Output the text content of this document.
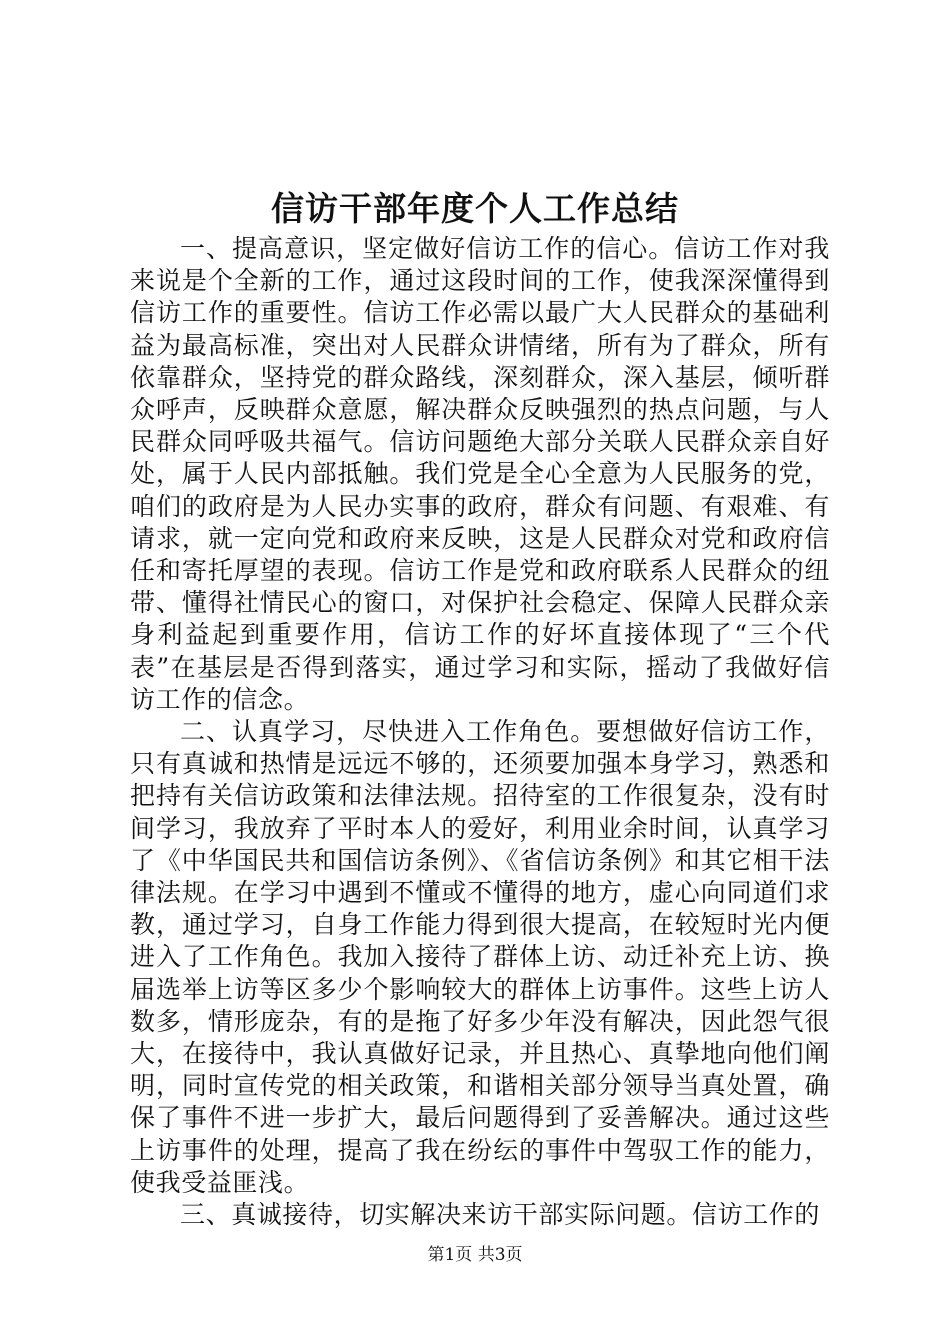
信访干部年度个人工作总结

一、提高意识，坚定做好信访工作的信心。信访工作对我来说是个全新的工作，通过这段时间的工作，使我深深懂得到信访工作的重要性。信访工作必需以最广大人民群众的基础利益为最高标准，突出对人民群众讲情绪，所有为了群众，所有依靠群众，坚持党的群众路线，深刻群众，深入基层，倾听群众呼声，反映群众意愿，解决群众反映强烈的热点问题，与人民群众同呼吸共福气。信访问题绝大部分关联人民群众亲自好处，属于人民内部抵触。我们党是全心全意为人民服务的党，咱们的政府是为人民办实事的政府，群众有问题、有艰难、有请求，就一定向党和政府来反映，这是人民群众对党和政府信任和寄托厚望的表现。信访工作是党和政府联系人民群众的纽带、懂得社情民心的窗口，对保护社会稳定、保障人民群众亲身利益起到重要作用，信访工作的好坏直接体现了“三个代表”在基层是否得到落实，通过学习和实际，摇动了我做好信访工作的信念。

二、认真学习，尽快进入工作角色。要想做好信访工作，只有真诚和热情是远远不够的，还须要加强本身学习，熟悉和把持有关信访政策和法律法规。招待室的工作很复杂，没有时间学习，我放弃了平时本人的爱好，利用业余时间，认真学习了《中华国民共和国信访条例》、《省信访条例》和其它相干法律法规。在学习中遇到不懂或不懂得的地方，虚心向同道们求教，通过学习，自身工作能力得到很大提高，在较短时光内便进入了工作角色。我加入接待了群体上访、动迁补充上访、换届选举上访等区多少个影响较大的群体上访事件。这些上访人数多，情形庞杂，有的是拖了好多少年没有解决，因此怨气很大，在接待中，我认真做好记录，并且热心、真挚地向他们阐明，同时宣传党的相关政策，和谐相关部分领导当真处置，确保了事件不进一步扩大，最后问题得到了妥善解决。通过这些上访事件的处理，提高了我在纷纭的事件中驾驭工作的能力，使我受益匪浅。

三、真诚接待，切实解决来访干部实际问题。信访工作的

第1页 共3页
